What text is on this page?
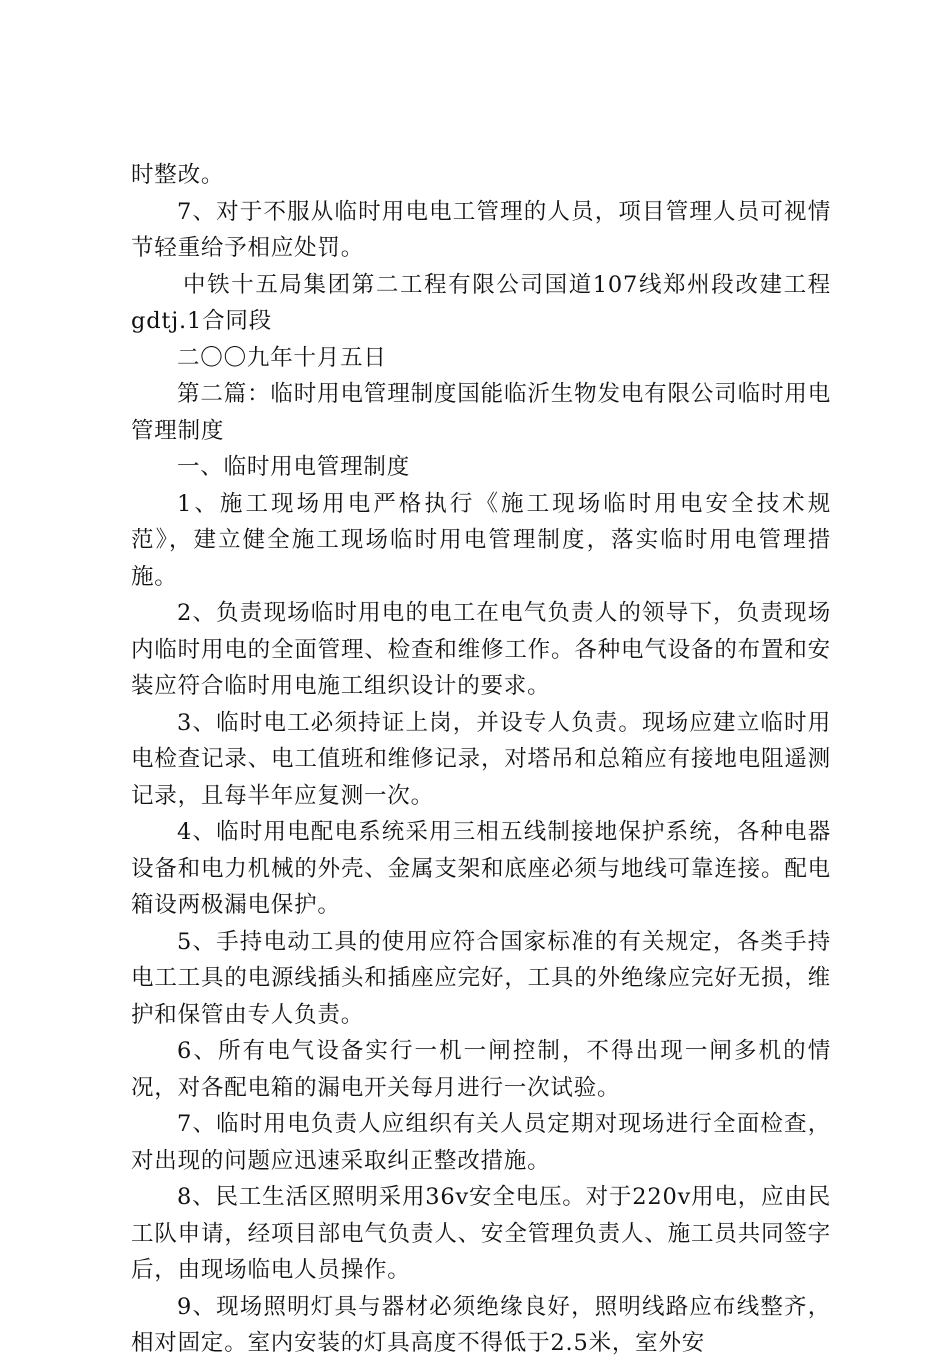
时整改。

7、对于不服从临时用电电工管理的人员，项目管理人员可视情节轻重给予相应处罚。

中铁十五局集团第二工程有限公司国道107线郑州段改建工程gdtj.1合同段

二〇〇九年十月五日

第二篇：临时用电管理制度国能临沂生物发电有限公司临时用电管理制度

一、临时用电管理制度

1、施工现场用电严格执行《施工现场临时用电安全技术规范》，建立健全施工现场临时用电管理制度，落实临时用电管理措施。

2、负责现场临时用电的电工在电气负责人的领导下，负责现场内临时用电的全面管理、检查和维修工作。各种电气设备的布置和安装应符合临时用电施工组织设计的要求。

3、临时电工必须持证上岗，并设专人负责。现场应建立临时用电检查记录、电工值班和维修记录，对塔吊和总箱应有接地电阻遥测记录，且每半年应复测一次。

4、临时用电配电系统采用三相五线制接地保护系统，各种电器设备和电力机械的外壳、金属支架和底座必须与地线可靠连接。配电箱设两极漏电保护。

5、手持电动工具的使用应符合国家标准的有关规定，各类手持电工工具的电源线插头和插座应完好，工具的外绝缘应完好无损，维护和保管由专人负责。

6、所有电气设备实行一机一闸控制，不得出现一闸多机的情况，对各配电箱的漏电开关每月进行一次试验。

7、临时用电负责人应组织有关人员定期对现场进行全面检查，对出现的问题应迅速采取纠正整改措施。

8、民工生活区照明采用36v安全电压。对于220v用电，应由民工队申请，经项目部电气负责人、安全管理负责人、施工员共同签字后，由现场临电人员操作。

9、现场照明灯具与器材必须绝缘良好，照明线路应布线整齐，相对固定。室内安装的灯具高度不得低于2.5米，室外安
